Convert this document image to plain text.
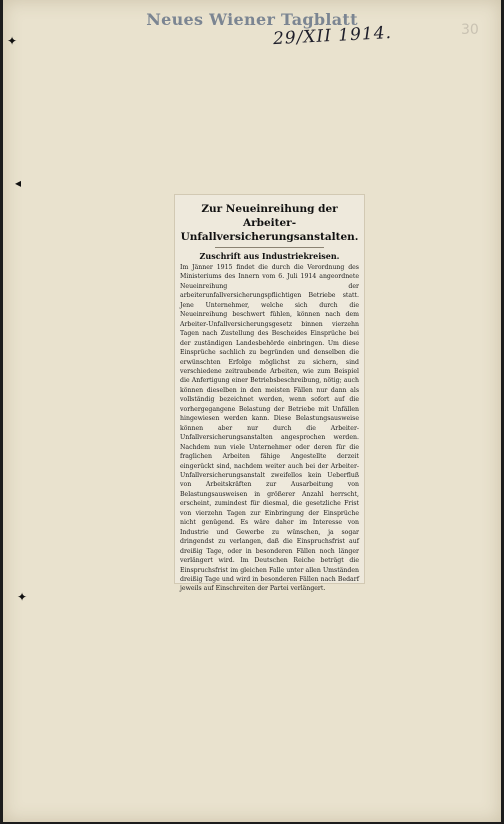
Neues Wiener Tagblatt
29/XII 1914.	30
✦
◂
✦
Zur Neueinreihung der Arbeiter-Unfallversicherungsanstalten.
Zuschrift aus Industriekreisen.
Im Jänner 1915 findet die durch die Verordnung des Ministeriums des Innern vom 6. Juli 1914 angeordnete Neueinreihung der arbeiterunfallversicherungspflichtigen Betriebe statt. Jene Unternehmer, welche sich durch die Neueinreihung beschwert fühlen, können nach dem Arbeiter-Unfallversicherungsgesetz binnen vierzehn Tagen nach Zustellung des Bescheides Einsprüche bei der zuständigen Landesbehörde einbringen. Um diese Einsprüche sachlich zu begründen und denselben die erwünschten Erfolge möglichst zu sichern, sind verschiedene zeitraubende Arbeiten, wie zum Beispiel die Anfertigung einer Betriebsbeschreibung, nötig; auch können dieselben in den meisten Fällen nur dann als vollständig bezeichnet werden, wenn sofort auf die vorhergegangene Belastung der Betriebe mit Unfällen hingewiesen werden kann. Diese Belastungsausweise können aber nur durch die Arbeiter-Unfallversicherungsanstalten angesprochen werden. Nachdem nun viele Unternehmer oder deren für die fraglichen Arbeiten fähige Angestellte derzeit eingerückt sind, nachdem weiter auch bei der Arbeiter-Unfallversicherungsanstalt zweifellos kein Ueberfluß von Arbeitskräften zur Ausarbeitung von Belastungsausweisen in größerer Anzahl herrscht, erscheint, zumindest für diesmal, die gesetzliche Frist von vierzehn Tagen zur Einbringung der Einsprüche nicht genügend. Es wäre daher im Interesse von Industrie und Gewerbe zu wünschen, ja sogar dringendst zu verlangen, daß die Einspruchsfrist auf dreißig Tage, oder in besonderen Fällen noch länger verlängert wird. Im Deutschen Reiche beträgt die Einspruchsfrist im gleichen Falle unter allen Umständen dreißig Tage und wird in besonderen Fällen nach Bedarf jeweils auf Einschreiten der Partei verlängert.
